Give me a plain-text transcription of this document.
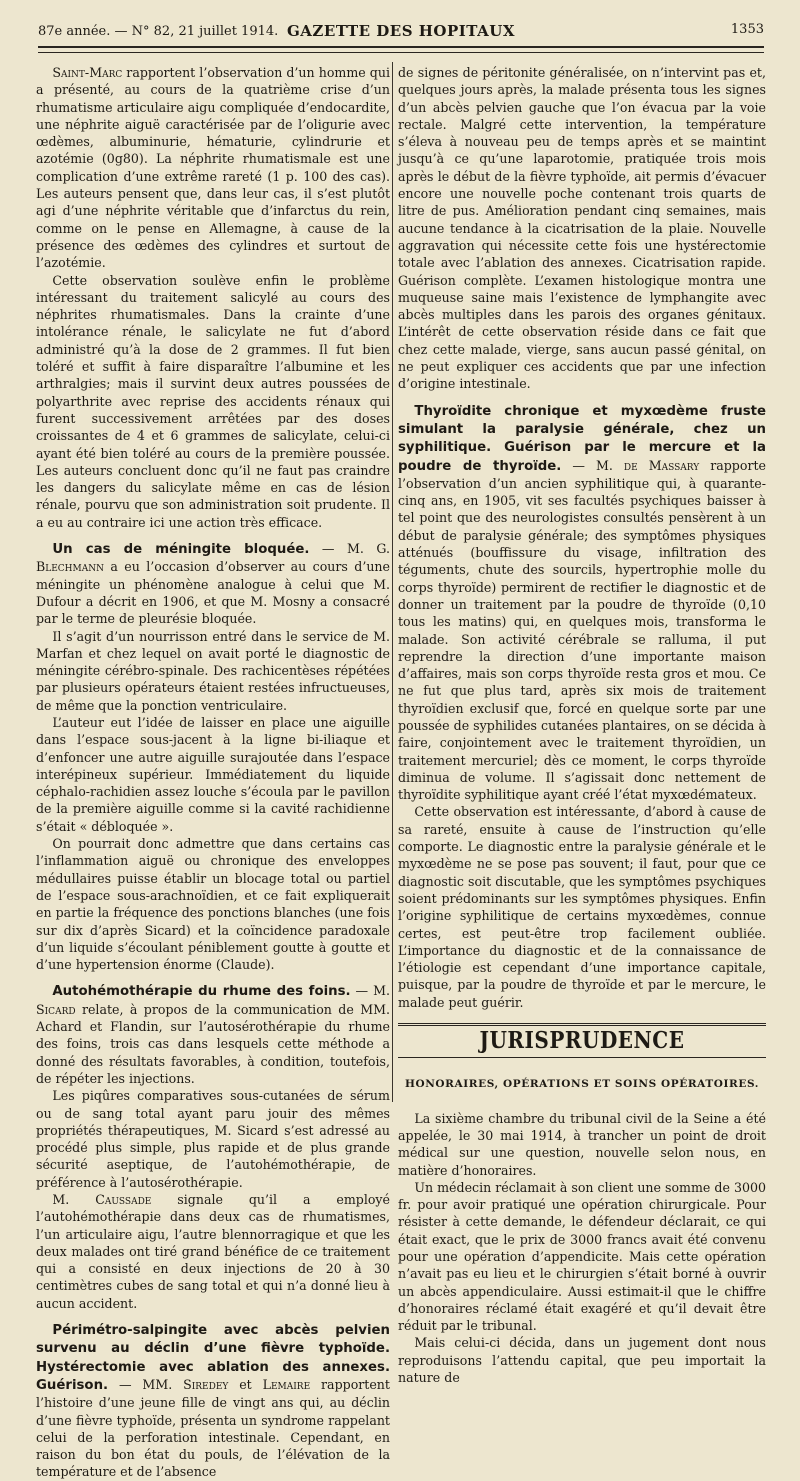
87e année. — N° 82, 21 juillet 1914. GAZETTE DES HOPITAUX	1353

Saint-Marc rapportent l’observation d’un homme qui a présenté, au cours de la quatrième crise d’un rhumatisme articulaire aigu compliquée d’endocardite, une néphrite aiguë caractérisée par de l’oligurie avec œdèmes, albuminurie, hématurie, cylindrurie et azotémie (0g80). La néphrite rhumatismale est une complication d’une extrême rareté (1 p. 100 des cas). Les auteurs pensent que, dans leur cas, il s’est plutôt agi d’une néphrite véritable que d’infarctus du rein, comme on le pense en Allemagne, à cause de la présence des œdèmes des cylindres et surtout de l’azotémie.

Cette observation soulève enfin le problème intéressant du traitement salicylé au cours des néphrites rhumatismales. Dans la crainte d’une intolérance rénale, le salicylate ne fut d’abord administré qu’à la dose de 2 grammes. Il fut bien toléré et suffit à faire disparaître l’albumine et les arthralgies; mais il survint deux autres poussées de polyarthrite avec reprise des accidents rénaux qui furent successivement arrêtées par des doses croissantes de 4 et 6 grammes de salicylate, celui-ci ayant été bien toléré au cours de la première poussée. Les auteurs concluent donc qu’il ne faut pas craindre les dangers du salicylate même en cas de lésion rénale, pourvu que son administration soit prudente. Il a eu au contraire ici une action très efficace.

Un cas de méningite bloquée. — M. G. Blechmann a eu l’occasion d’observer au cours d’une méningite un phénomène analogue à celui que M. Dufour a décrit en 1906, et que M. Mosny a consacré par le terme de pleurésie bloquée.

Il s’agit d’un nourrisson entré dans le service de M. Marfan et chez lequel on avait porté le diagnostic de méningite cérébro-spinale. Des rachicentèses répétées par plusieurs opérateurs étaient restées infructueuses, de même que la ponction ventriculaire.

L’auteur eut l’idée de laisser en place une aiguille dans l’espace sous-jacent à la ligne bi-iliaque et d’enfoncer une autre aiguille surajoutée dans l’espace interépineux supérieur. Immédiatement du liquide céphalo-rachidien assez louche s’écoula par le pavillon de la première aiguille comme si la cavité rachidienne s’était « débloquée ».

On pourrait donc admettre que dans certains cas l’inflammation aiguë ou chronique des enveloppes médullaires puisse établir un blocage total ou partiel de l’espace sous-arachnoïdien, et ce fait expliquerait en partie la fréquence des ponctions blanches (une fois sur dix d’après Sicard) et la coïncidence paradoxale d’un liquide s’écoulant péniblement goutte à goutte et d’une hypertension énorme (Claude).

Autohémothérapie du rhume des foins. — M. Sicard relate, à propos de la communication de MM. Achard et Flandin, sur l’autosérothérapie du rhume des foins, trois cas dans lesquels cette méthode a donné des résultats favorables, à condition, toutefois, de répéter les injections.

Les piqûres comparatives sous-cutanées de sérum ou de sang total ayant paru jouir des mêmes propriétés thérapeutiques, M. Sicard s’est adressé au procédé plus simple, plus rapide et de plus grande sécurité aseptique, de l’autohémothérapie, de préférence à l’autosérothérapie.

M. Caussade signale qu’il a employé l’autohémothérapie dans deux cas de rhumatismes, l’un articulaire aigu, l’autre blennorragique et que les deux malades ont tiré grand bénéfice de ce traitement qui a consisté en deux injections de 20 à 30 centimètres cubes de sang total et qui n’a donné lieu à aucun accident.

Périmétro-salpingite avec abcès pelvien survenu au déclin d’une fièvre typhoïde. Hystérectomie avec ablation des annexes. Guérison. — MM. Siredey et Lemaire rapportent l’histoire d’une jeune fille de vingt ans qui, au déclin d’une fièvre typhoïde, présenta un syndrome rappelant celui de la perforation intestinale. Cependant, en raison du bon état du pouls, de l’élévation de la température et de l’absence

de signes de péritonite généralisée, on n’intervint pas et, quelques jours après, la malade présenta tous les signes d’un abcès pelvien gauche que l’on évacua par la voie rectale. Malgré cette intervention, la température s’éleva à nouveau peu de temps après et se maintint jusqu’à ce qu’une laparotomie, pratiquée trois mois après le début de la fièvre typhoïde, ait permis d’évacuer encore une nouvelle poche contenant trois quarts de litre de pus. Amélioration pendant cinq semaines, mais aucune tendance à la cicatrisation de la plaie. Nouvelle aggravation qui nécessite cette fois une hystérectomie totale avec l’ablation des annexes. Cicatrisation rapide. Guérison complète. L’examen histologique montra une muqueuse saine mais l’existence de lymphangite avec abcès multiples dans les parois des organes génitaux. L’intérêt de cette observation réside dans ce fait que chez cette malade, vierge, sans aucun passé génital, on ne peut expliquer ces accidents que par une infection d’origine intestinale.

Thyroïdite chronique et myxœdème fruste simulant la paralysie générale, chez un syphilitique. Guérison par le mercure et la poudre de thyroïde. — M. de Massary rapporte l’observation d’un ancien syphilitique qui, à quarante-cinq ans, en 1905, vit ses facultés psychiques baisser à tel point que des neurologistes consultés pensèrent à un début de paralysie générale; des symptômes physiques atténués (bouffissure du visage, infiltration des téguments, chute des sourcils, hypertrophie molle du corps thyroïde) permirent de rectifier le diagnostic et de donner un traitement par la poudre de thyroïde (0,10 tous les matins) qui, en quelques mois, transforma le malade. Son activité cérébrale se ralluma, il put reprendre la direction d’une importante maison d’affaires, mais son corps thyroïde resta gros et mou. Ce ne fut que plus tard, après six mois de traitement thyroïdien exclusif que, forcé en quelque sorte par une poussée de syphilides cutanées plantaires, on se décida à faire, conjointement avec le traitement thyroïdien, un traitement mercuriel; dès ce moment, le corps thyroïde diminua de volume. Il s’agissait donc nettement de thyroïdite syphilitique ayant créé l’état myxœdémateux.

Cette observation est intéressante, d’abord à cause de sa rareté, ensuite à cause de l’instruction qu’elle comporte. Le diagnostic entre la paralysie générale et le myxœdème ne se pose pas souvent; il faut, pour que ce diagnostic soit discutable, que les symptômes psychiques soient prédominants sur les symptômes physiques. Enfin l’origine syphilitique de certains myxœdèmes, connue certes, est peut-être trop facilement oubliée. L’importance du diagnostic et de la connaissance de l’étiologie est cependant d’une importance capitale, puisque, par la poudre de thyroïde et par le mercure, le malade peut guérir.

JURISPRUDENCE
HONORAIRES, OPÉRATIONS ET SOINS OPÉRATOIRES.

La sixième chambre du tribunal civil de la Seine a été appelée, le 30 mai 1914, à trancher un point de droit médical sur une question, nouvelle selon nous, en matière d’honoraires.

Un médecin réclamait à son client une somme de 3000 fr. pour avoir pratiqué une opération chirurgicale. Pour résister à cette demande, le défendeur déclarait, ce qui était exact, que le prix de 3000 francs avait été convenu pour une opération d’appendicite. Mais cette opération n’avait pas eu lieu et le chirurgien s’était borné à ouvrir un abcès appendiculaire. Aussi estimait-il que le chiffre d’honoraires réclamé était exagéré et qu’il devait être réduit par le tribunal.

Mais celui-ci décida, dans un jugement dont nous reproduisons l’attendu capital, que peu importait la nature de
